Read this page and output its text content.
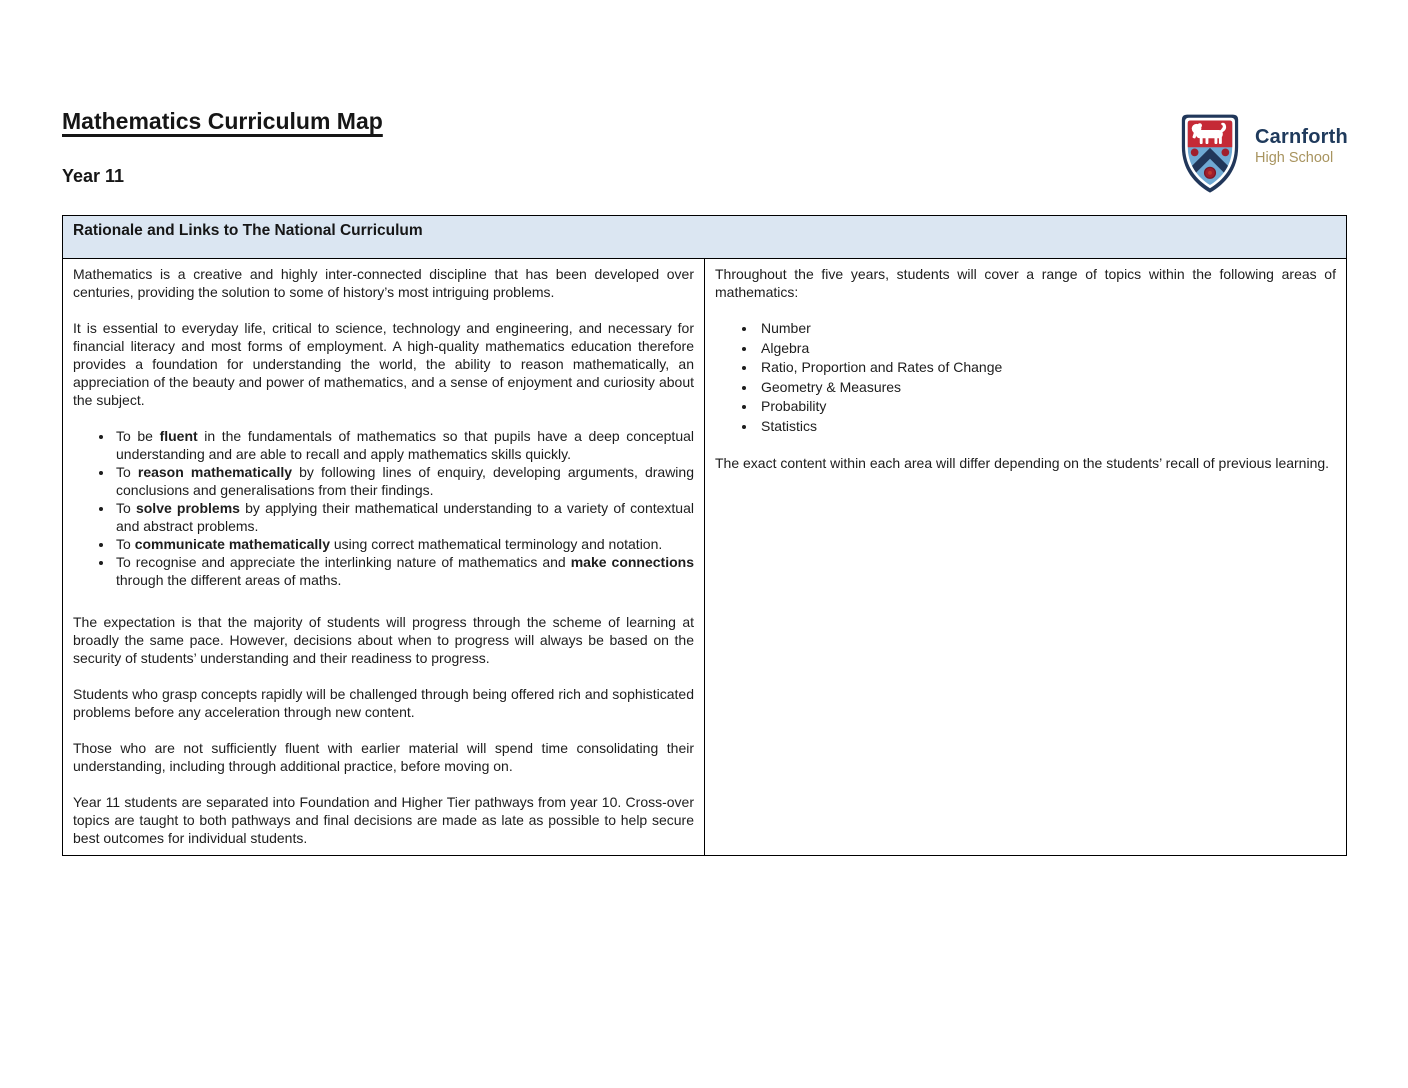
Mathematics Curriculum Map
Year 11
Carnforth
High School
Rationale and Links to The National Curriculum

Mathematics is a creative and highly inter-connected discipline that has been developed over centuries, providing the solution to some of history’s most intriguing problems.

It is essential to everyday life, critical to science, technology and engineering, and necessary for financial literacy and most forms of employment. A high-quality mathematics education therefore provides a foundation for understanding the world, the ability to reason mathematically, an appreciation of the beauty and power of mathematics, and a sense of enjoyment and curiosity about the subject.

• To be fluent in the fundamentals of mathematics so that pupils have a deep conceptual understanding and are able to recall and apply mathematics skills quickly.
• To reason mathematically by following lines of enquiry, developing arguments, drawing conclusions and generalisations from their findings.
• To solve problems by applying their mathematical understanding to a variety of contextual and abstract problems.
• To communicate mathematically using correct mathematical terminology and notation.
• To recognise and appreciate the interlinking nature of mathematics and make connections through the different areas of maths.

The expectation is that the majority of students will progress through the scheme of learning at broadly the same pace. However, decisions about when to progress will always be based on the security of students’ understanding and their readiness to progress.

Students who grasp concepts rapidly will be challenged through being offered rich and sophisticated problems before any acceleration through new content.

Those who are not sufficiently fluent with earlier material will spend time consolidating their understanding, including through additional practice, before moving on.

Year 11 students are separated into Foundation and Higher Tier pathways from year 10. Cross-over topics are taught to both pathways and final decisions are made as late as possible to help secure best outcomes for individual students.

Throughout the five years, students will cover a range of topics within the following areas of mathematics:

• Number
• Algebra
• Ratio, Proportion and Rates of Change
• Geometry & Measures
• Probability
• Statistics

The exact content within each area will differ depending on the students’ recall of previous learning.
